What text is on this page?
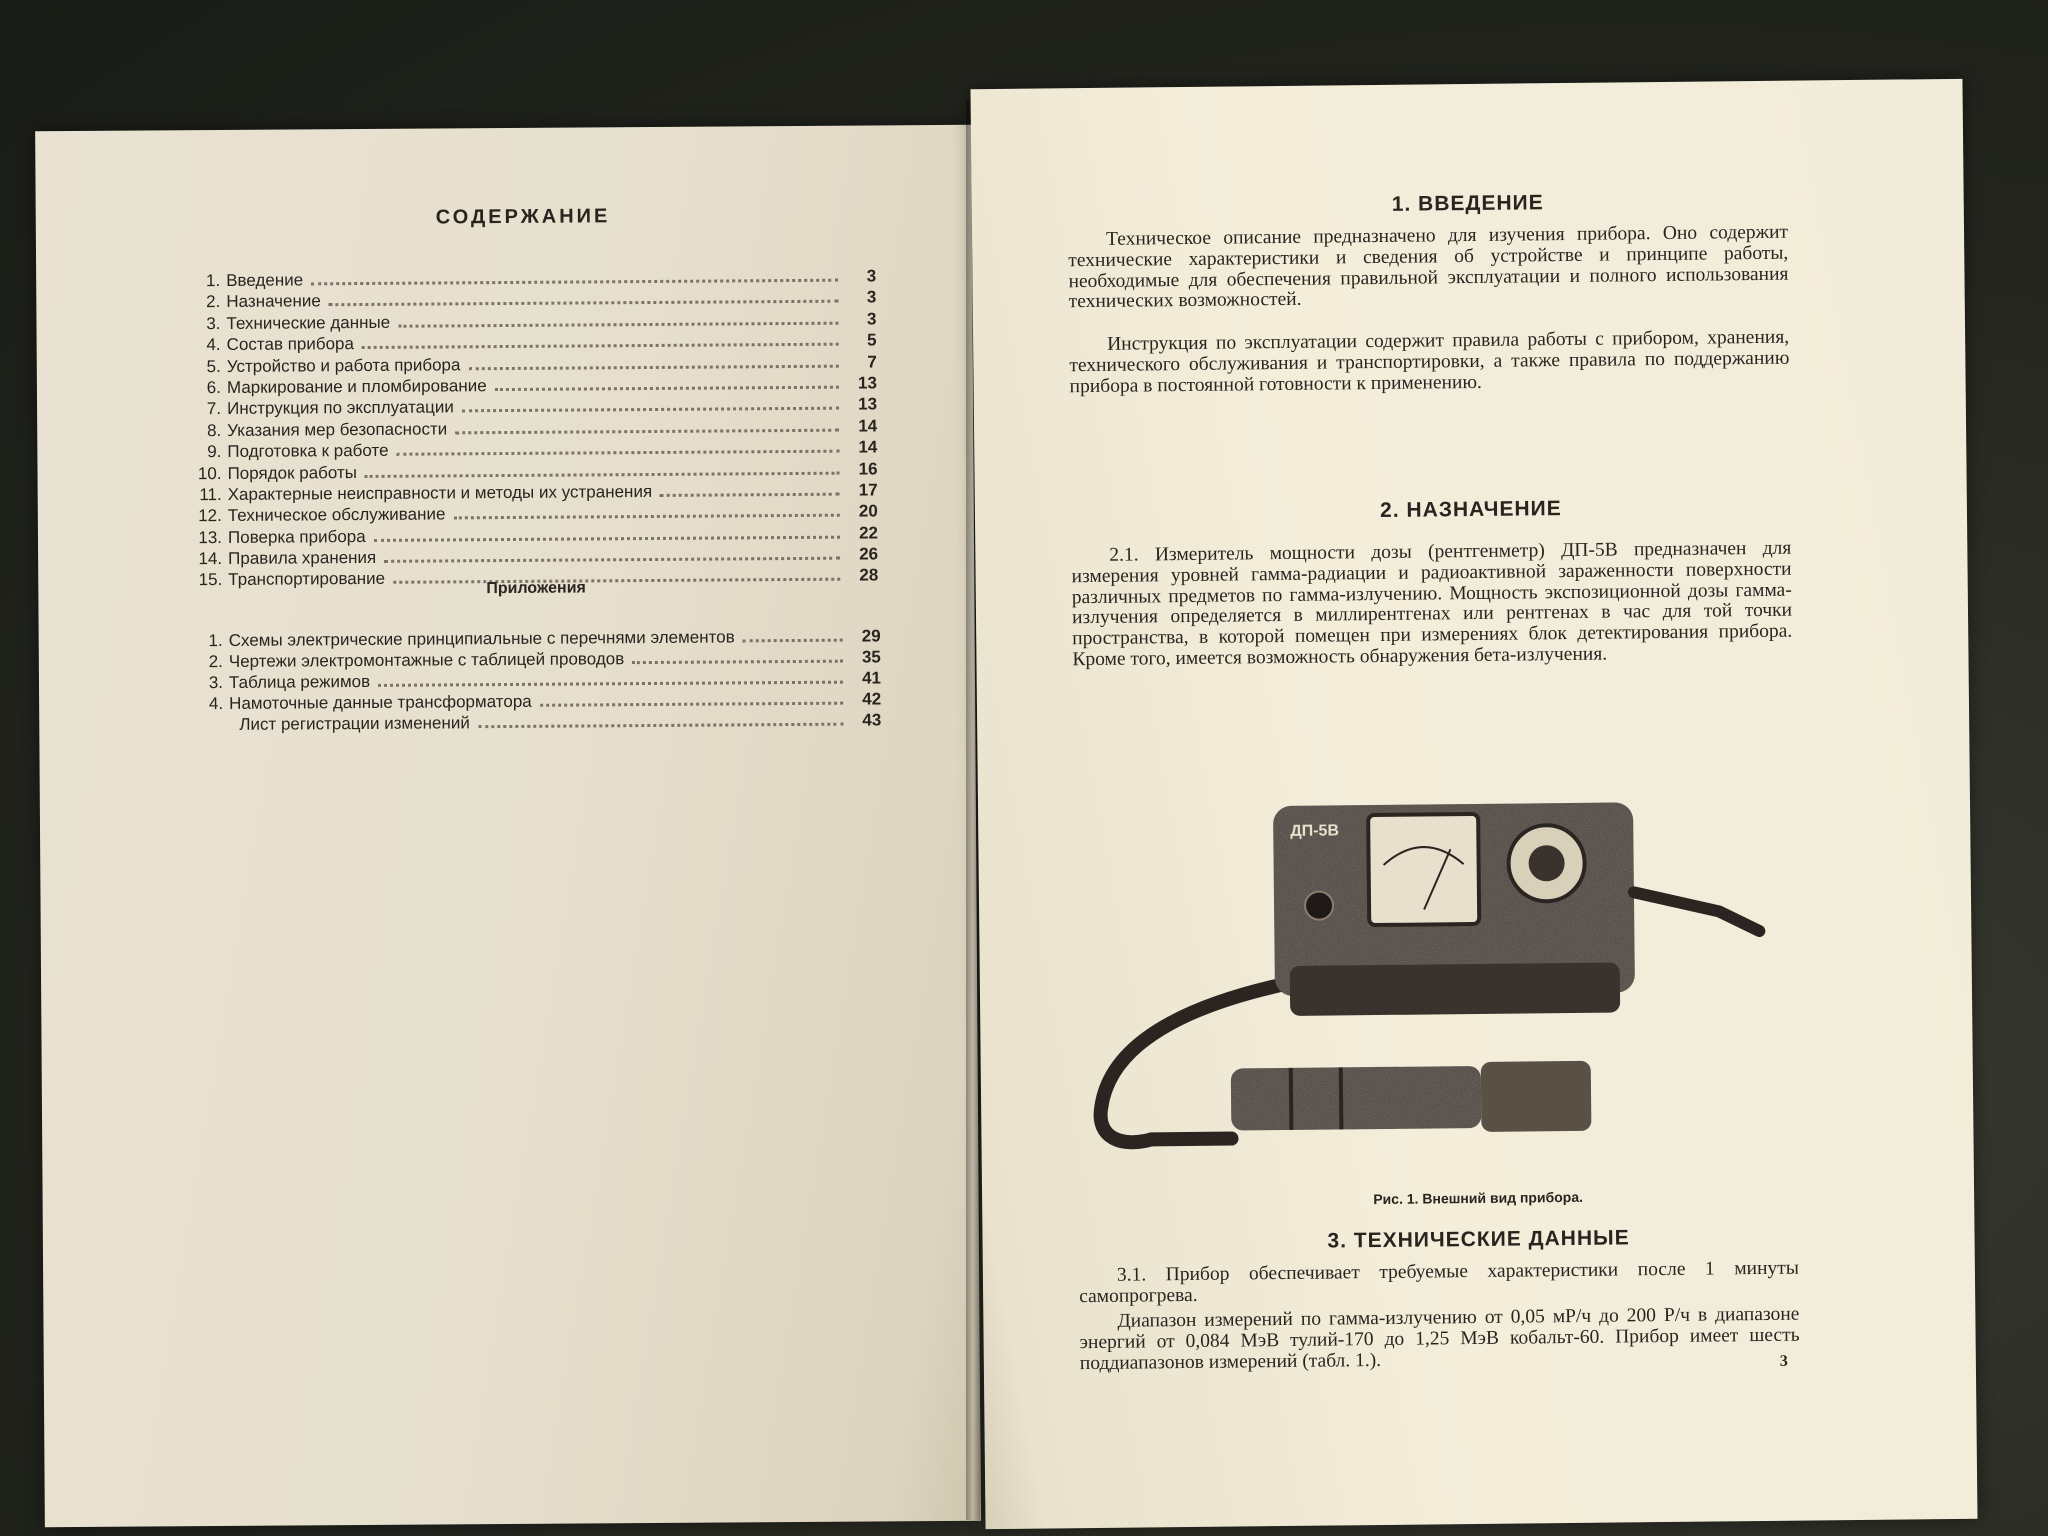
СОДЕРЖАНИЕ
1. Введение	3
2. Назначение	3
3. Технические данные	3
4. Состав прибора	5
5. Устройство и работа прибора	7
6. Маркирование и пломбирование	13
7. Инструкция по эксплуатации	13
8. Указания мер безопасности	14
9. Подготовка к работе	14
10. Порядок работы	16
11. Характерные неисправности и методы их устранения	17
12. Техническое обслуживание	20
13. Поверка прибора	22
14. Правила хранения	26
15. Транспортирование	28
Приложения
1. Схемы электрические принципиальные с перечнями элементов	29
2. Чертежи электромонтажные с таблицей проводов	35
3. Таблица режимов	41
4. Намоточные данные трансформатора	42
Лист регистрации изменений	43
1. ВВЕДЕНИЕ

Техническое описание предназначено для изучения прибора. Оно содержит технические характеристики и сведения об устройстве и принципе работы, необходимые для обеспечения правильной эксплуатации и полного использования технических возможностей.

Инструкция по эксплуатации содержит правила работы с прибором, хранения, технического обслуживания и транспортировки, а также правила по поддержанию прибора в постоянной готовности к применению.

2. НАЗНАЧЕНИЕ

2.1. Измеритель мощности дозы (рентгенметр) ДП-5В предназначен для измерения уровней гамма-радиации и радиоактивной зараженности поверхности различных предметов по гамма-излучению. Мощность экспозиционной дозы гамма-излучения определяется в миллирентгенах или рентгенах в час для той точки пространства, в которой помещен при измерениях блок детектирования прибора. Кроме того, имеется возможность обнаружения бета-излучения.

ДП-5В
Рис. 1. Внешний вид прибора.
3. ТЕХНИЧЕСКИЕ ДАННЫЕ

3.1. Прибор обеспечивает требуемые характеристики после 1 минуты самопрогрева.

Диапазон измерений по гамма-излучению от 0,05 мР/ч до 200 Р/ч в диапазоне энергий от 0,084 МэВ тулий-170 до 1,25 МэВ кобальт-60. Прибор имеет шесть поддиапазонов измерений (табл. 1.).	3
